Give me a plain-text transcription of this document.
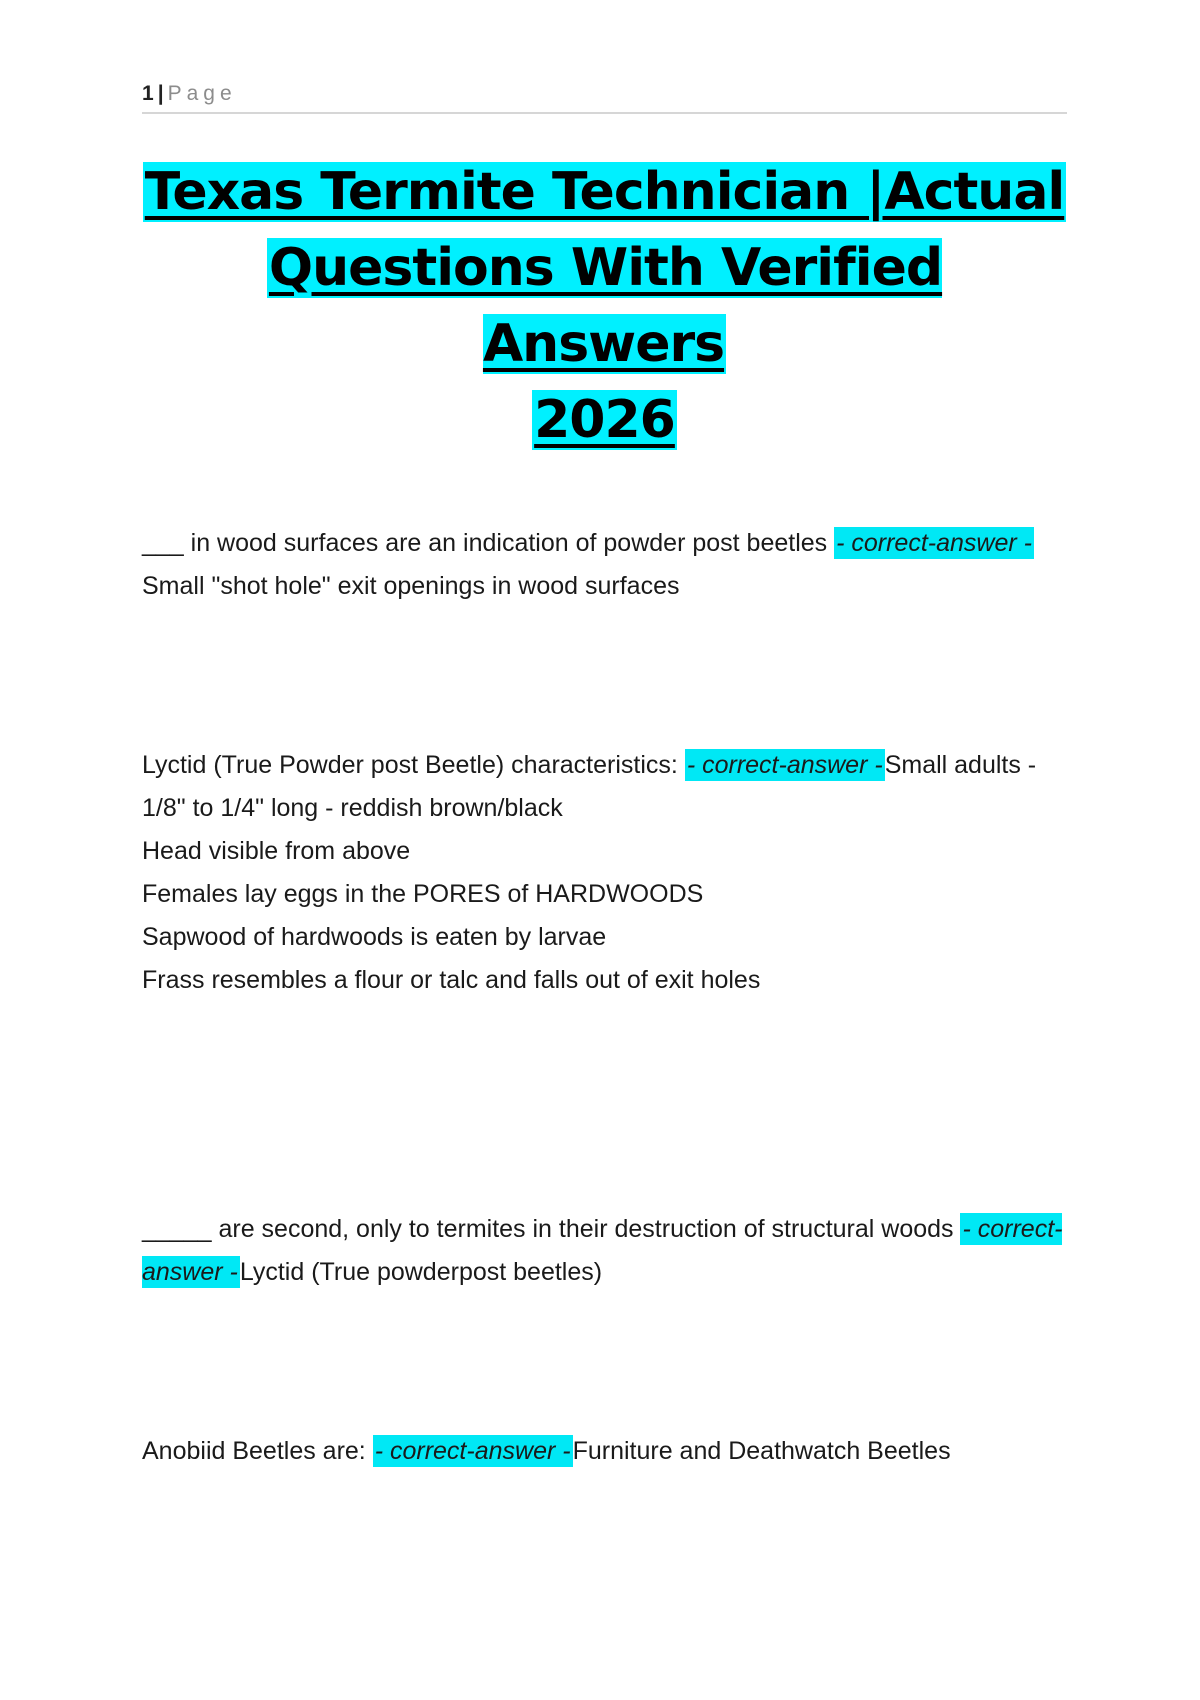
1 | Page
Texas Termite Technician |Actual
Questions With Verified Answers
2026

___ in wood surfaces are an indication of powder post beetles - correct-answer - Small "shot hole" exit openings in wood surfaces

Lyctid (True Powder post Beetle) characteristics: - correct-answer -Small adults - 1/8" to 1/4" long - reddish brown/black

Head visible from above

Females lay eggs in the PORES of HARDWOODS

Sapwood of hardwoods is eaten by larvae

Frass resembles a flour or talc and falls out of exit holes

_____ are second, only to termites in their destruction of structural woods - correct-answer -Lyctid (True powderpost beetles)

Anobiid Beetles are: - correct-answer -Furniture and Deathwatch Beetles
